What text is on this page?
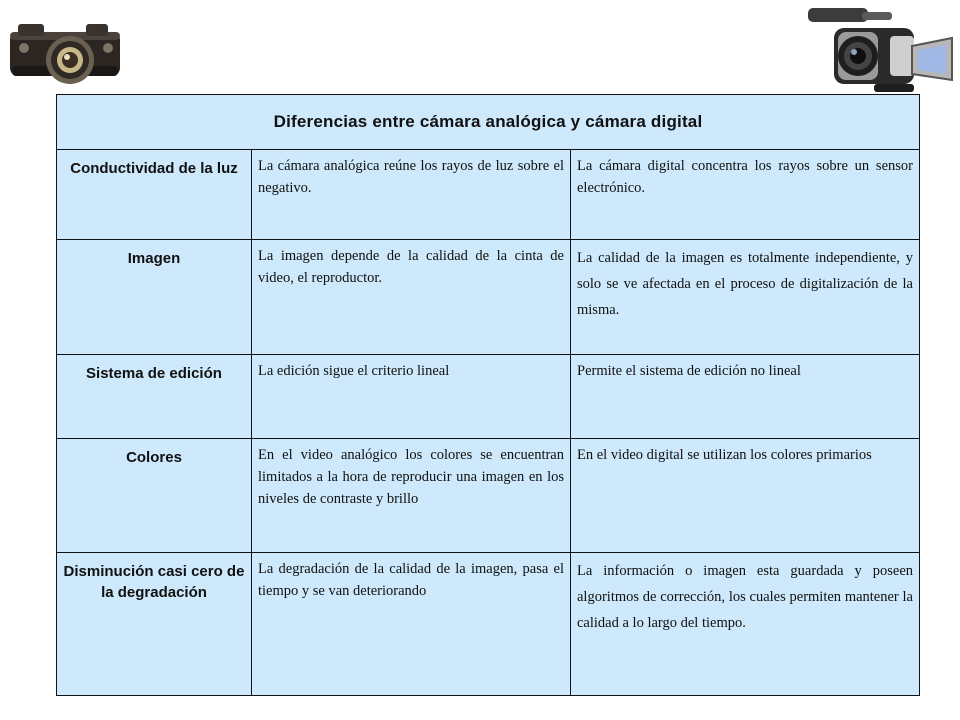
Diferencias entre cámara analógica y cámara digital		
Conductividad de la luz	La cámara analógica reúne los rayos de luz sobre el negativo.	La cámara digital concentra los rayos sobre un sensor electrónico.
Imagen	La imagen depende de la calidad de la cinta de video, el reproductor.	La calidad de la imagen es totalmente independiente, y solo se ve afectada en el proceso de digitalización de la misma.
Sistema de edición	La edición sigue el criterio lineal	Permite el sistema de edición no lineal
Colores	En el video analógico los colores se encuentran limitados a la hora de reproducir una imagen en los niveles de contraste y brillo	En el video digital se utilizan los colores primarios
Disminución casi cero de la degradación	La degradación de la calidad de la imagen, pasa el tiempo y se van deteriorando	La información o imagen esta guardada y poseen algoritmos de corrección, los cuales permiten mantener la calidad a lo largo del tiempo.
